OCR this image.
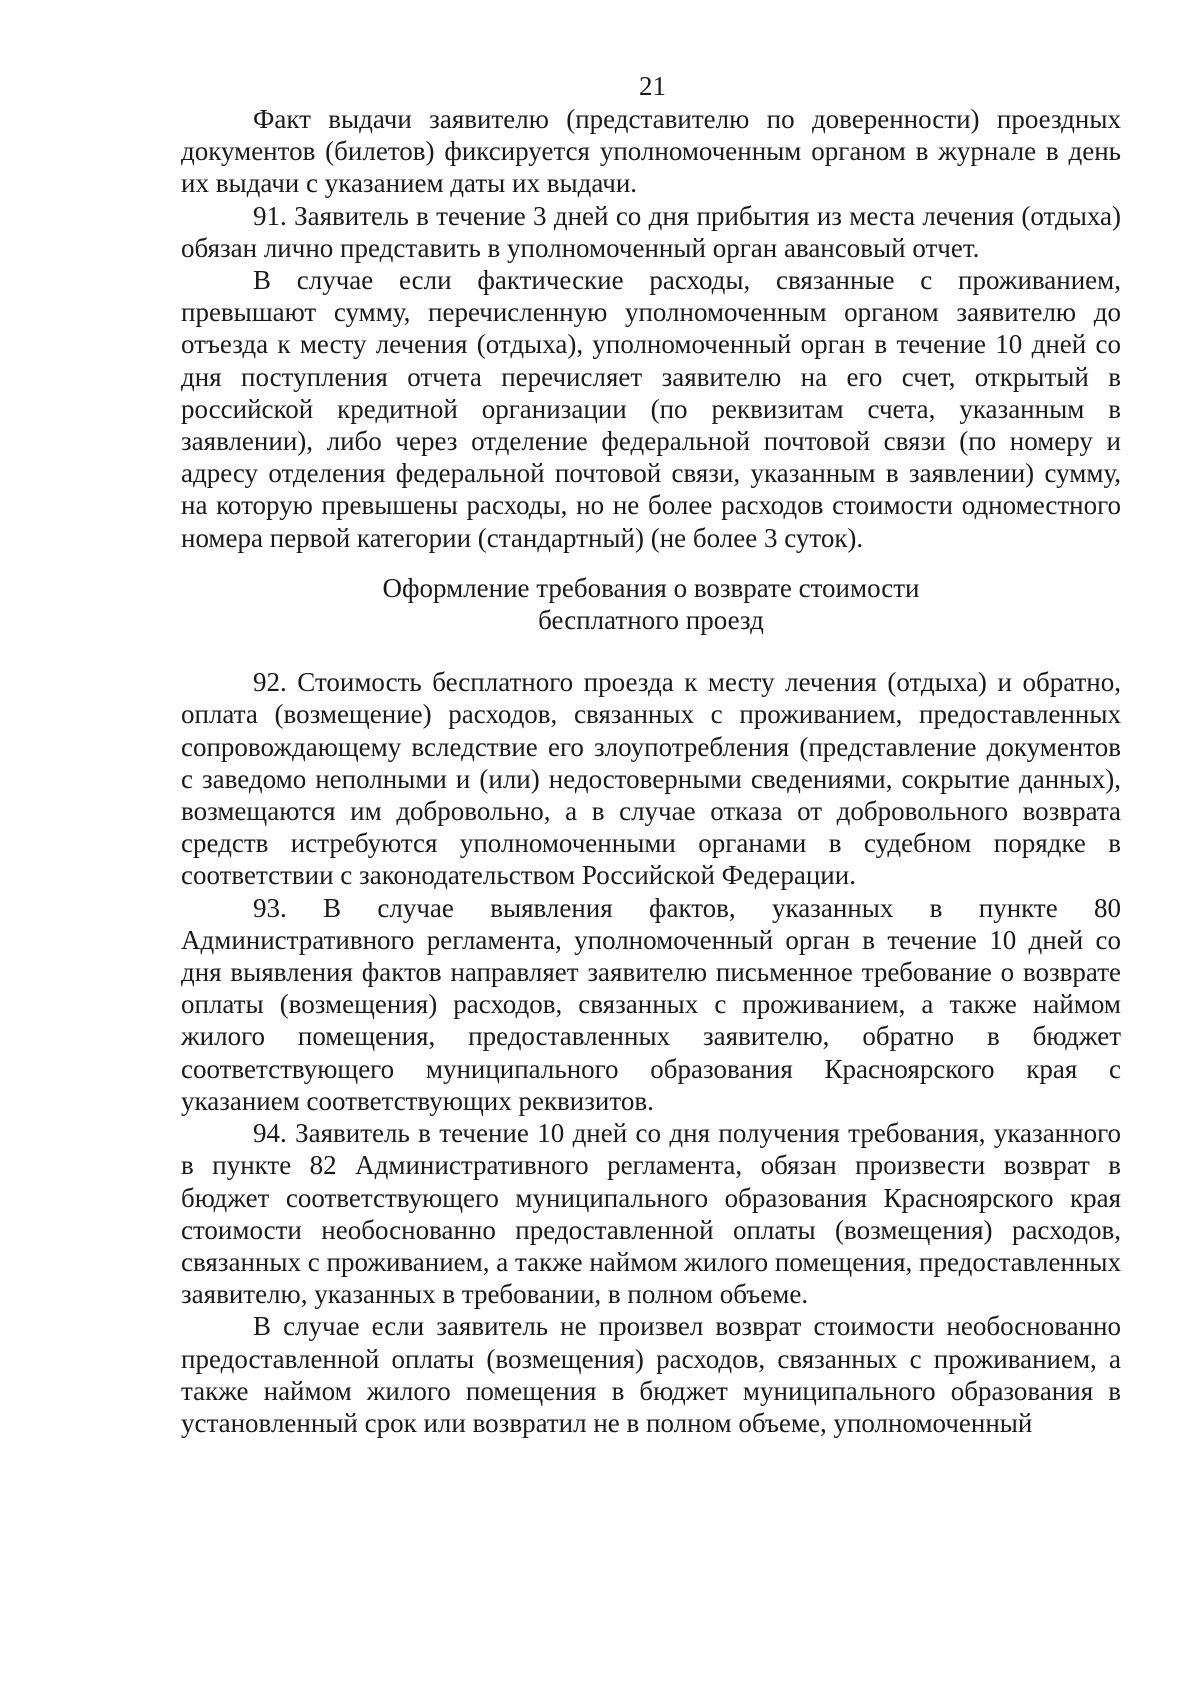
21

Факт выдачи заявителю (представителю по доверенности) проездных документов (билетов) фиксируется уполномоченным органом в журнале в день их выдачи с указанием даты их выдачи.

91. Заявитель в течение 3 дней со дня прибытия из места лечения (отдыха) обязан лично представить в уполномоченный орган авансовый отчет.

В случае если фактические расходы, связанные с проживанием, превышают сумму, перечисленную уполномоченным органом заявителю до отъезда к месту лечения (отдыха), уполномоченный орган в течение 10 дней со дня поступления отчета перечисляет заявителю на его счет, открытый в российской кредитной организации (по реквизитам счета, указанным в заявлении), либо через отделение федеральной почтовой связи (по номеру и адресу отделения федеральной почтовой связи, указанным в заявлении) сумму, на которую превышены расходы, но не более расходов стоимости одноместного номера первой категории (стандартный) (не более 3 суток).

Оформление требования о возврате стоимости
бесплатного проезд

92. Стоимость бесплатного проезда к месту лечения (отдыха) и обратно, оплата (возмещение) расходов, связанных с проживанием, предоставленных сопровождающему вследствие его злоупотребления (представление документов с заведомо неполными и (или) недостоверными сведениями, сокрытие данных), возмещаются им добровольно, а в случае отказа от добровольного возврата средств истребуются уполномоченными органами в судебном порядке в соответствии с законодательством Российской Федерации.

93. В случае выявления фактов, указанных в пункте 80 Административного регламента, уполномоченный орган в течение 10 дней со дня выявления фактов направляет заявителю письменное требование о возврате оплаты (возмещения) расходов, связанных с проживанием, а также наймом жилого помещения, предоставленных заявителю, обратно в бюджет соответствующего муниципального образования Красноярского края с указанием соответствующих реквизитов.

94. Заявитель в течение 10 дней со дня получения требования, указанного в пункте 82 Административного регламента, обязан произвести возврат в бюджет соответствующего муниципального образования Красноярского края стоимости необоснованно предоставленной оплаты (возмещения) расходов, связанных с проживанием, а также наймом жилого помещения, предоставленных заявителю, указанных в требовании, в полном объеме.

В случае если заявитель не произвел возврат стоимости необоснованно предоставленной оплаты (возмещения) расходов, связанных с проживанием, а также наймом жилого помещения в бюджет муниципального образования в установленный срок или возвратил не в полном объеме, уполномоченный
